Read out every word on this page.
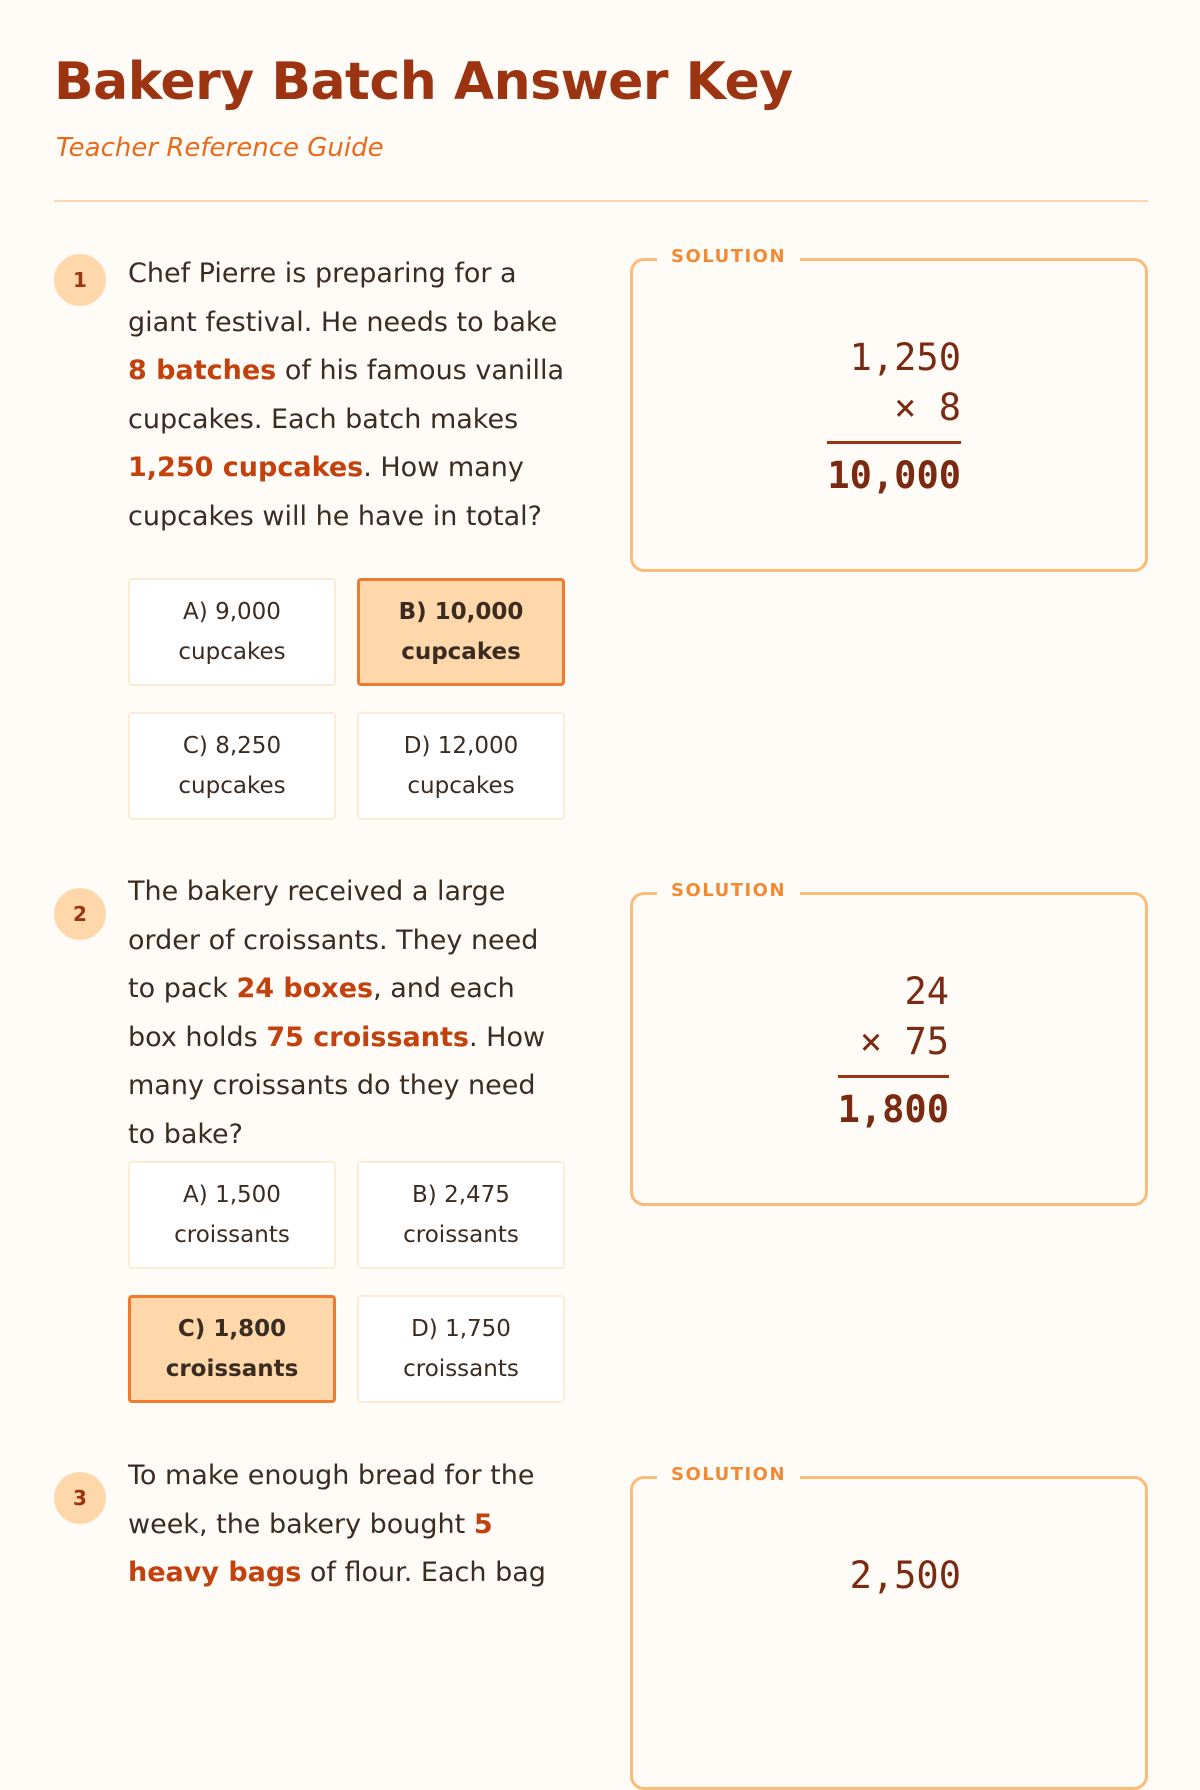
Bakery Batch Answer Key
Teacher Reference Guide
1	Chef Pierre is preparing for a giant festival. He needs to bake 8 batches of his famous vanilla cupcakes. Each batch makes 1,250 cupcakes. How many cupcakes will he have in total?
A) 9,000
cupcakes
B) 10,000
cupcakes
C) 8,250
cupcakes
D) 12,000
cupcakes
SOLUTION
1,250
× 8
10,000
2
The bakery received a large order of croissants. They need to pack 24 boxes, and each box holds 75 croissants. How many croissants do they need to bake?
A) 1,500
croissants
B) 2,475
croissants
C) 1,800
croissants
D) 1,750
croissants
SOLUTION
24
× 75
1,800
3
To make enough bread for the week, the bakery bought 5 heavy bags of flour. Each bag
SOLUTION
2,500
